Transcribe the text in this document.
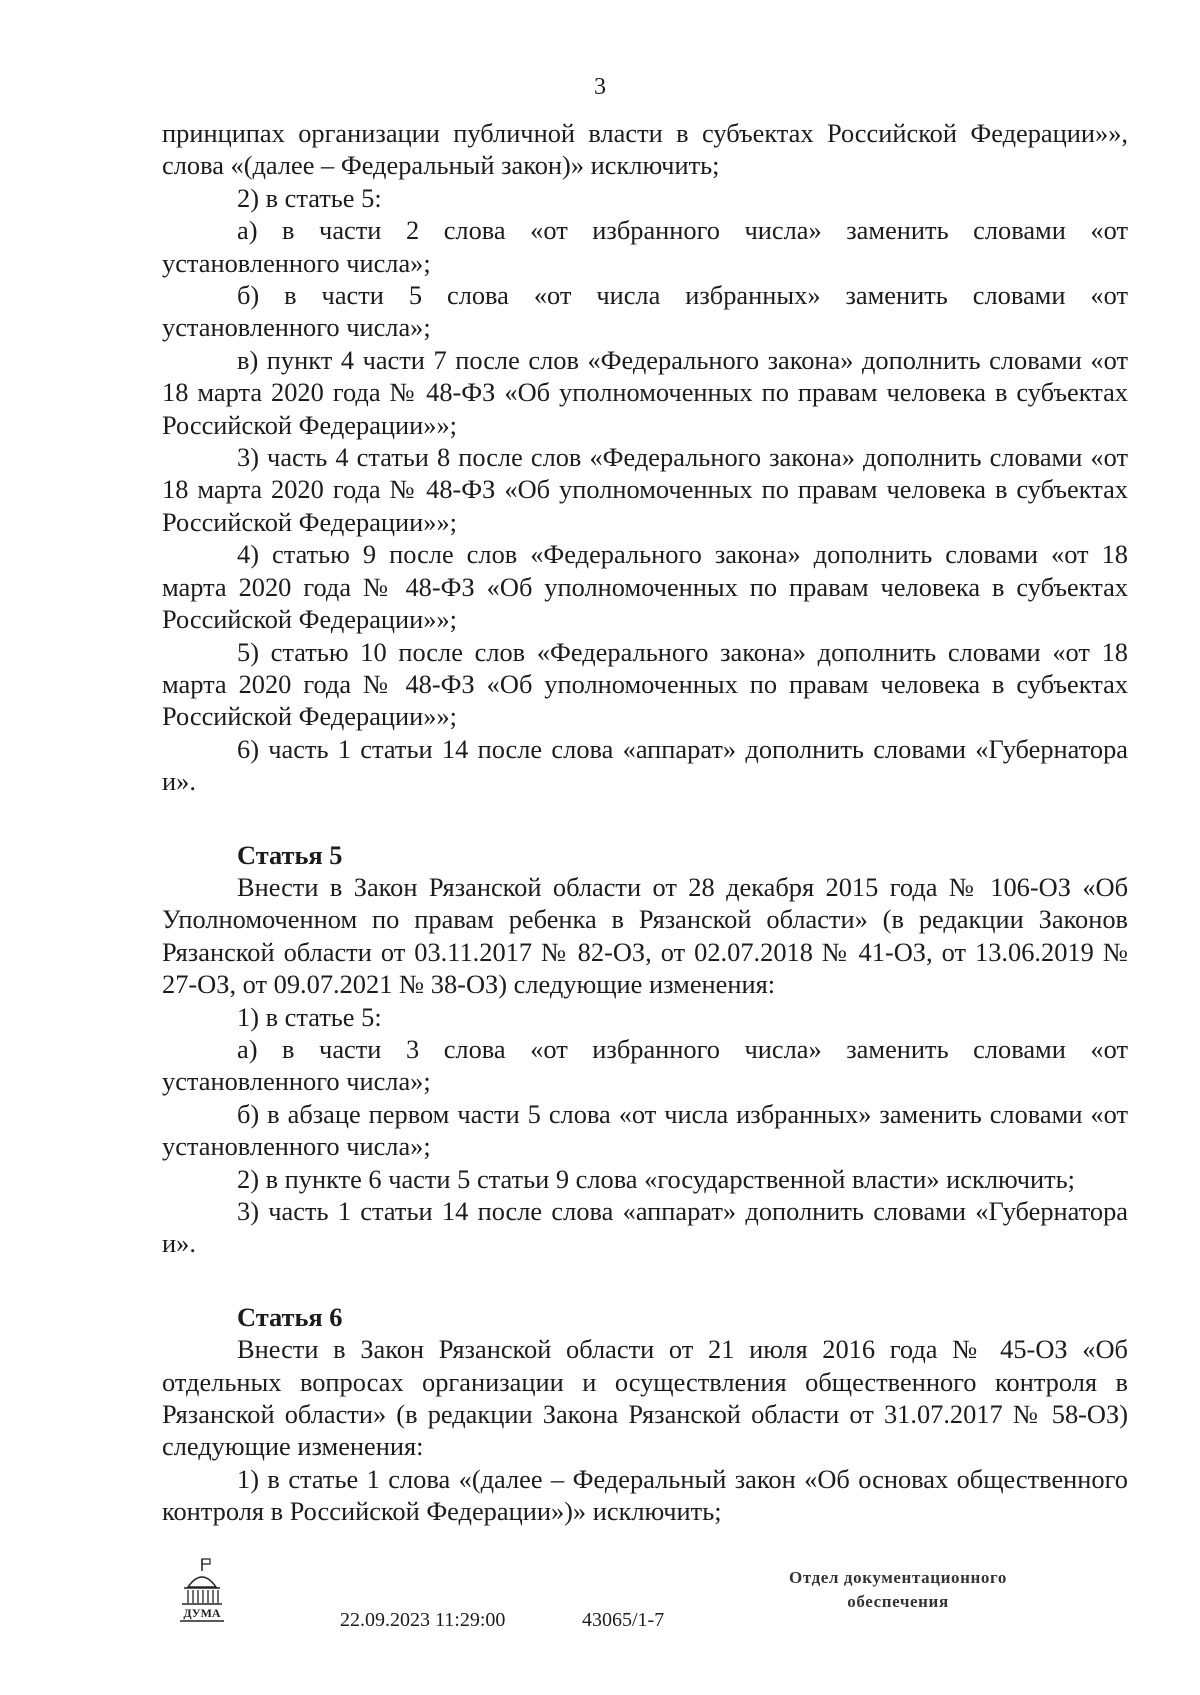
3

принципах организации публичной власти в субъектах Российской Федерации»», слова «(далее – Федеральный закон)» исключить;

2) в статье 5:

а) в части 2 слова «от избранного числа» заменить словами «от установленного числа»;

б) в части 5 слова «от числа избранных» заменить словами «от установленного числа»;

в) пункт 4 части 7 после слов «Федерального закона» дополнить словами «от 18 марта 2020 года № 48-ФЗ «Об уполномоченных по правам человека в субъектах Российской Федерации»»;

3) часть 4 статьи 8 после слов «Федерального закона» дополнить словами «от 18 марта 2020 года № 48-ФЗ «Об уполномоченных по правам человека в субъектах Российской Федерации»»;

4) статью 9 после слов «Федерального закона» дополнить словами «от 18 марта 2020 года № 48-ФЗ «Об уполномоченных по правам человека в субъектах Российской Федерации»»;

5) статью 10 после слов «Федерального закона» дополнить словами «от 18 марта 2020 года № 48-ФЗ «Об уполномоченных по правам человека в субъектах Российской Федерации»»;

6) часть 1 статьи 14 после слова «аппарат» дополнить словами «Губернатора и».

Статья 5

Внести в Закон Рязанской области от 28 декабря 2015 года № 106-ОЗ «Об Уполномоченном по правам ребенка в Рязанской области» (в редакции Законов Рязанской области от 03.11.2017 № 82-ОЗ, от 02.07.2018 № 41-ОЗ, от 13.06.2019 № 27-ОЗ, от 09.07.2021 № 38-ОЗ) следующие изменения:

1) в статье 5:

а) в части 3 слова «от избранного числа» заменить словами «от установленного числа»;

б) в абзаце первом части 5 слова «от числа избранных» заменить словами «от установленного числа»;

2) в пункте 6 части 5 статьи 9 слова «государственной власти» исключить;

3) часть 1 статьи 14 после слова «аппарат» дополнить словами «Губернатора и».

Статья 6

Внести в Закон Рязанской области от 21 июля 2016 года № 45-ОЗ «Об отдельных вопросах организации и осуществления общественного контроля в Рязанской области» (в редакции Закона Рязанской области от 31.07.2017 № 58-ОЗ) следующие изменения:

1) в статье 1 слова «(далее – Федеральный закон «Об основах общественного контроля в Российской Федерации»)» исключить;

ДУМА	22.09.2023 11:29:00	43065/1-7
Отдел документационного
обеспечения
